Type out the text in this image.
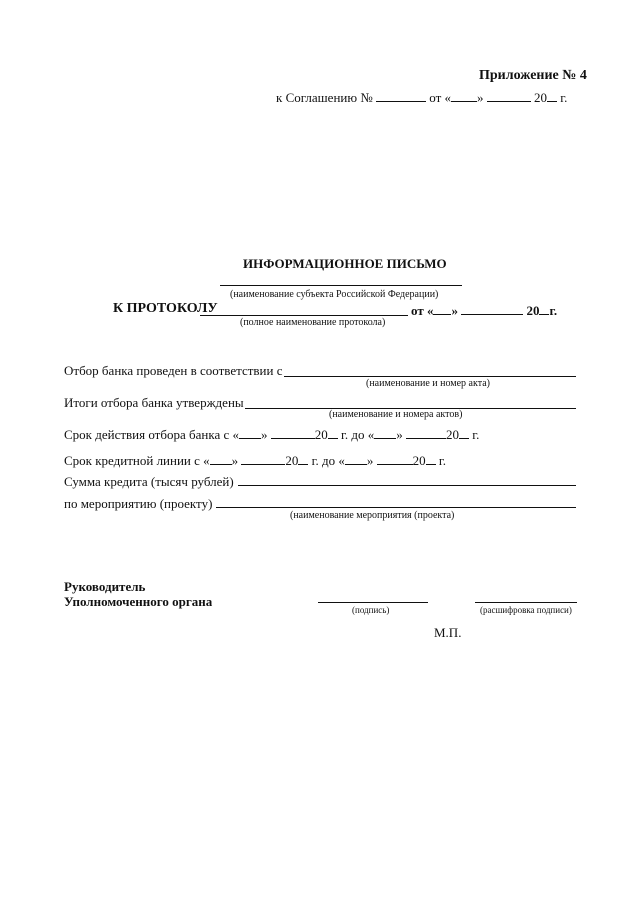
Приложение № 4
к Соглашению №	от « »	20 г.
ИНФОРМАЦИОННОЕ ПИСЬМО
(наименование субъекта Российской Федерации)
К ПРОТОКОЛУ	от « »	20 г.
(полное наименование протокола)
Отбор банка проведен в соответствии с
(наименование и номер акта)
Итоги отбора банка утверждены
(наименование и номера актов)
Срок действия отбора банка с « »	20 г. до « »	20 г.
Срок кредитной линии с « »	20 г. до « »	20 г.
Сумма кредита (тысяч рублей)
по мероприятию (проекту)
(наименование мероприятия (проекта)
Руководитель
Уполномоченного органа
(подпись)	(расшифровка подписи)
М.П.
